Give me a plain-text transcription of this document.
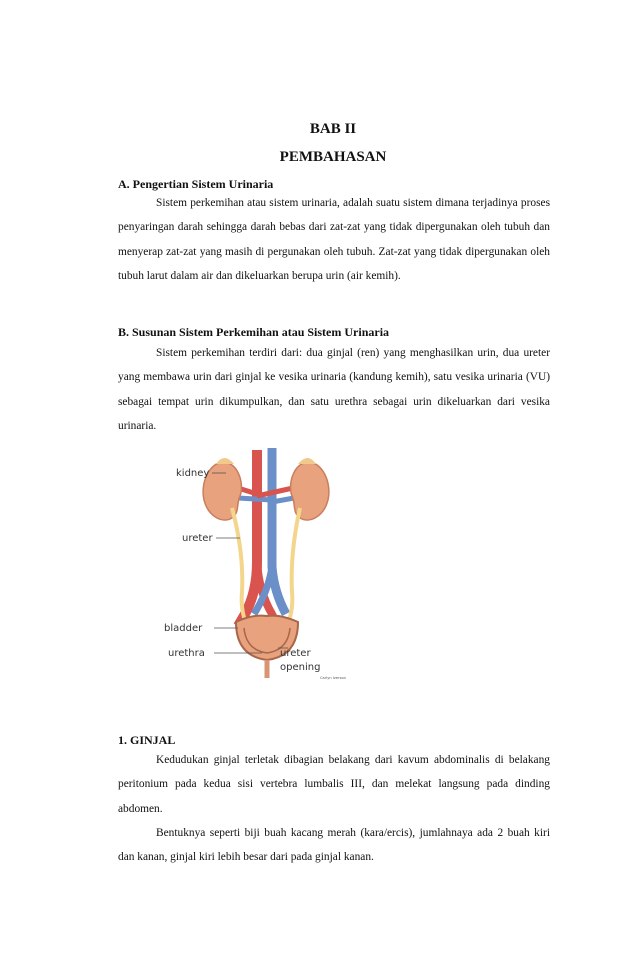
BAB II
PEMBAHASAN
A. Pengertian Sistem Urinaria
Sistem perkemihan atau sistem urinaria, adalah suatu sistem dimana terjadinya proses penyaringan darah sehingga darah bebas dari zat-zat yang tidak dipergunakan oleh tubuh dan menyerap zat-zat yang masih di pergunakan oleh tubuh. Zat-zat yang tidak dipergunakan oleh tubuh larut dalam air dan dikeluarkan berupa urin (air kemih).
B. Susunan Sistem Perkemihan atau Sistem Urinaria
Sistem perkemihan terdiri dari: dua ginjal (ren) yang menghasilkan urin, dua ureter yang membawa urin dari ginjal ke vesika urinaria (kandung kemih), satu vesika urinaria (VU) sebagai tempat urin dikumpulkan, dan satu urethra sebagai urin dikeluarkan dari vesika urinaria.
kidney
ureter
bladder
urethra	ureter
opening
Carlyn Iverson
1. GINJAL
Kedudukan ginjal terletak dibagian belakang dari kavum abdominalis di belakang peritonium pada kedua sisi vertebra lumbalis III, dan melekat langsung pada dinding abdomen.
Bentuknya seperti biji buah kacang merah (kara/ercis), jumlahnaya ada 2 buah kiri dan kanan, ginjal kiri lebih besar dari pada ginjal kanan.
